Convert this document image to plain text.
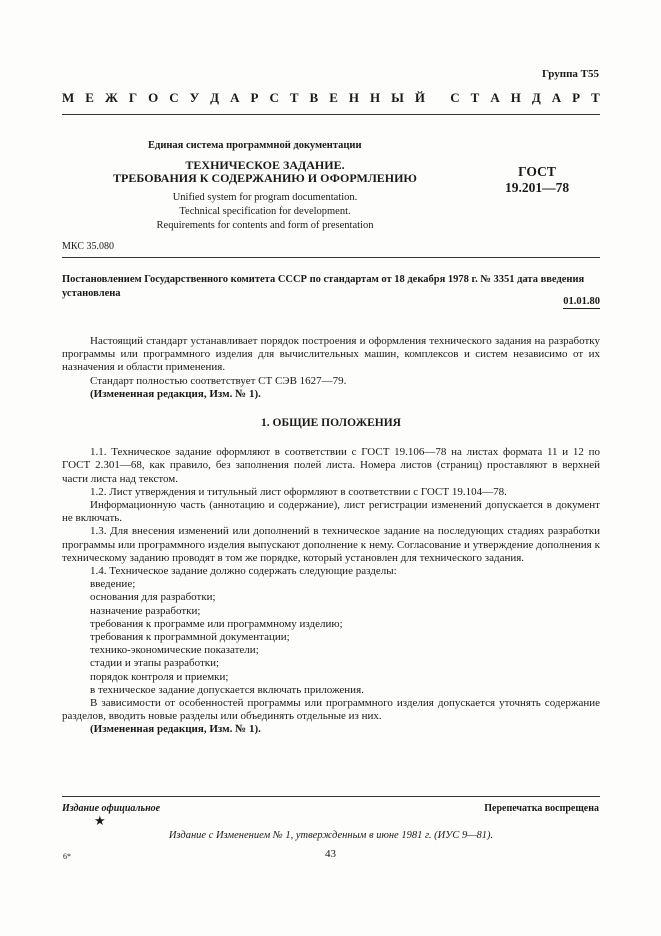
Группа Т55
М Е Ж Г О С У Д А Р С Т В Е Н Н Ы Й
С Т А Н Д А Р Т
Единая система программной документации
ТЕХНИЧЕСКОЕ ЗАДАНИЕ.
ТРЕБОВАНИЯ К СОДЕРЖАНИЮ И ОФОРМЛЕНИЮ	ГОСТ
19.201—78
Unified system for program documentation.
Technical specification for development.
Requirements for contents and form of presentation
МКС 35.080
Постановлением Государственного комитета СССР по стандартам от 18 декабря 1978 г. № 3351 дата введения установлена
01.01.80

Настоящий стандарт устанавливает порядок построения и оформления технического задания на разработку программы или программного изделия для вычислительных машин, комплексов и систем независимо от их назначения и области применения.

Стандарт полностью соответствует СТ СЭВ 1627—79.

(Измененная редакция, Изм. № 1).

1. ОБЩИЕ ПОЛОЖЕНИЯ

1.1. Техническое задание оформляют в соответствии с ГОСТ 19.106—78 на листах формата 11 и 12 по ГОСТ 2.301—68, как правило, без заполнения полей листа. Номера листов (страниц) проставляют в верхней части листа над текстом.

1.2. Лист утверждения и титульный лист оформляют в соответствии с ГОСТ 19.104—78.

Информационную часть (аннотацию и содержание), лист регистрации изменений допускается в документ не включать.

1.3. Для внесения изменений или дополнений в техническое задание на последующих стадиях разработки программы или программного изделия выпускают дополнение к нему. Согласование и утверждение дополнения к техническому заданию проводят в том же порядке, который установлен для технического задания.

1.4. Техническое задание должно содержать следующие разделы:

введение;

основания для разработки;

назначение разработки;

требования к программе или программному изделию;

требования к программной документации;

технико-экономические показатели;

стадии и этапы разработки;

порядок контроля и приемки;

в техническое задание допускается включать приложения.

В зависимости от особенностей программы или программного изделия допускается уточнять содержание разделов, вводить новые разделы или объединять отдельные из них.

(Измененная редакция, Изм. № 1).

Издание официальное	Перепечатка воспрещена
★
Издание с Изменением № 1, утвержденным в июне 1981 г. (ИУС 9—81).
6*	43
